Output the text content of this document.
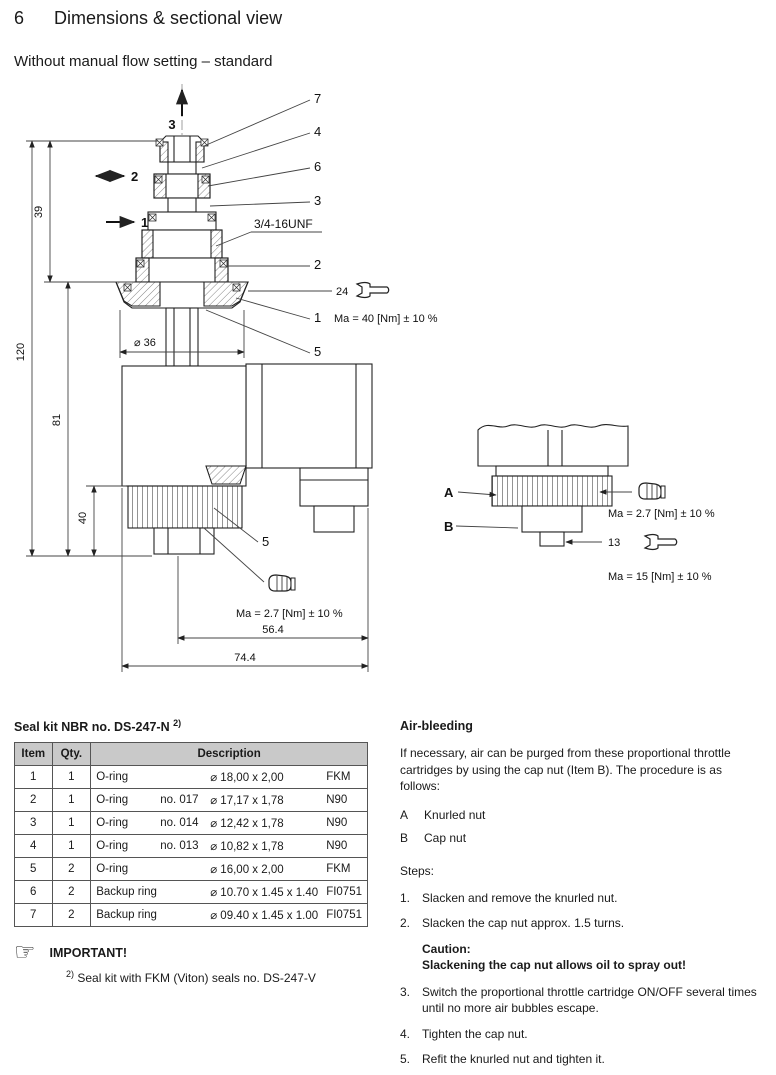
6 Dimensions & sectional view
Without manual flow setting – standard
3
2
1
7
4
6
3
3/4-16UNF
2
1 Ma = 40 [Nm] ± 10 %
5
5
24
Ma = 2.7 [Nm] ± 10 %
39
120
81
40
⌀ 36
56.4
74.4
A
B
Ma = 2.7 [Nm] ± 10 %
13
Ma = 15 [Nm] ± 10 %
Seal kit NBR no. DS-247-N $^{2)}$
Item	Qty.	Description
1	1	O-ring ⌀ 18,00 x 2,00 FKM

2	1	O-ring no. 017 ⌀ 17,17 x 1,78 N90

3	1	O-ring no. 014 ⌀ 12,42 x 1,78 N90

4	1	O-ring no. 013 ⌀ 10,82 x 1,78 N90

5	2	O-ring ⌀ 16,00 x 2,00 FKM

6	2	Backup ring ⌀ 10.70 x 1.45 x 1.40 FI0751

7	2	Backup ring ⌀ 09.40 x 1.45 x 1.00 FI0751
☞ IMPORTANT!
$^{2)}$ Seal kit with FKM (Viton) seals no. DS-247-V
Air-bleeding
If necessary, air can be purged from these proportional throttle cartridges by using the cap nut (Item B). The procedure is as follows:
A Knurled nut
B Cap nut
Steps:
1. Slacken and remove the knurled nut.
2. Slacken the cap nut approx. 1.5 turns.
Caution:
Slackening the cap nut allows oil to spray out!
3. Switch the proportional throttle cartridge ON/OFF several times until no more air bubbles escape.
4. Tighten the cap nut.
5. Refit the knurled nut and tighten it.
